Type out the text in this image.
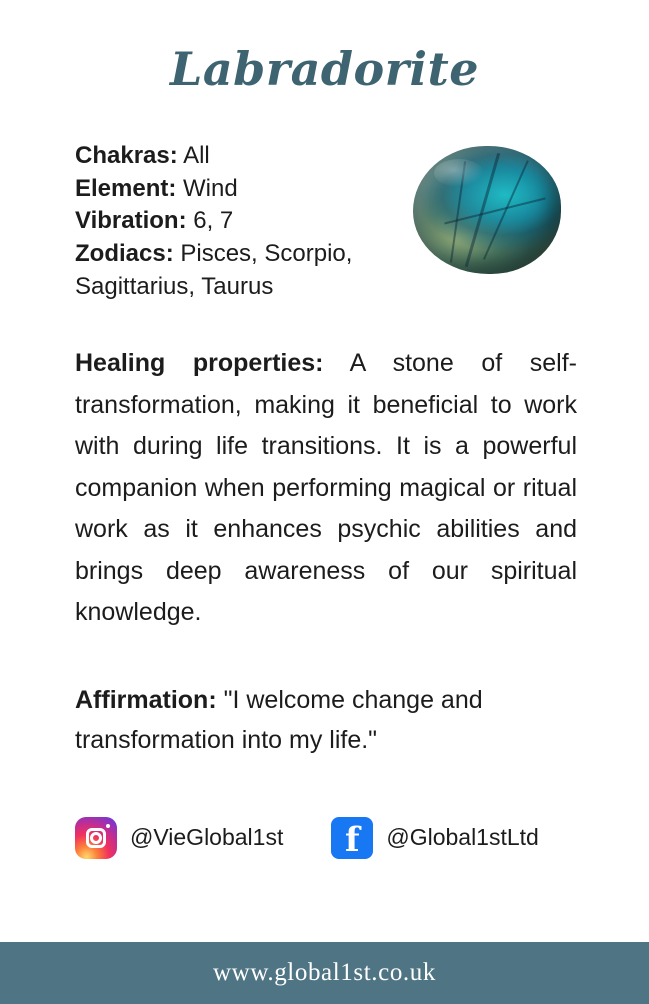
Labradorite
Chakras: All
Element: Wind
Vibration: 6, 7
Zodiacs: Pisces, Scorpio, Sagittarius, Taurus

Healing properties: A stone of self-transformation, making it beneficial to work with during life transitions. It is a powerful companion when performing magical or ritual work as it enhances psychic abilities and brings deep awareness of our spiritual knowledge.

Affirmation: "I welcome change and transformation into my life."

@VieGlobal1st	f	@Global1stLtd
www.global1st.co.uk
